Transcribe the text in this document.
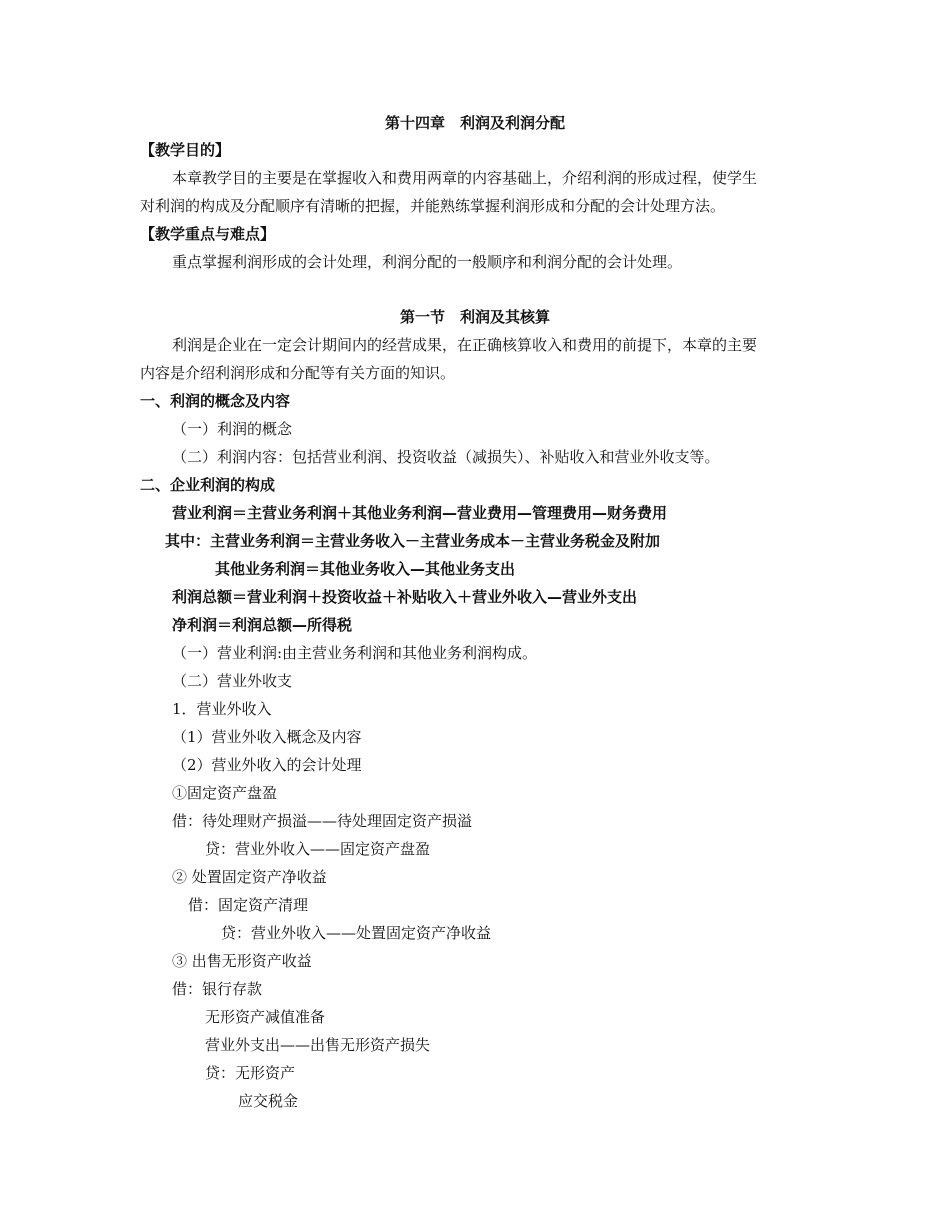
第十四章　利润及利润分配
【教学目的】
本章教学目的主要是在掌握收入和费用两章的内容基础上，介绍利润的形成过程，使学生
对利润的构成及分配顺序有清晰的把握，并能熟练掌握利润形成和分配的会计处理方法。
【教学重点与难点】
重点掌握利润形成的会计处理，利润分配的一般顺序和利润分配的会计处理。
第一节　利润及其核算
利润是企业在一定会计期间内的经营成果，在正确核算收入和费用的前提下，本章的主要
内容是介绍利润形成和分配等有关方面的知识。
一、利润的概念及内容
（一）利润的概念
（二）利润内容：包括营业利润、投资收益（减损失）、补贴收入和营业外收支等。
二、企业利润的构成
营业利润＝主营业务利润＋其他业务利润—营业费用—管理费用—财务费用
其中：主营业务利润＝主营业务收入－主营业务成本－主营业务税金及附加
其他业务利润＝其他业务收入—其他业务支出
利润总额＝营业利润＋投资收益＋补贴收入＋营业外收入—营业外支出
净利润＝利润总额—所得税
（一）营业利润:由主营业务利润和其他业务利润构成。
（二）营业外收支
1．营业外收入
（1）营业外收入概念及内容
（2）营业外收入的会计处理
①固定资产盘盈
借：待处理财产损溢——待处理固定资产损溢
贷：营业外收入——固定资产盘盈
② 处置固定资产净收益
借：固定资产清理
贷：营业外收入——处置固定资产净收益
③ 出售无形资产收益
借：银行存款
无形资产减值准备
营业外支出——出售无形资产损失
贷：无形资产
应交税金
